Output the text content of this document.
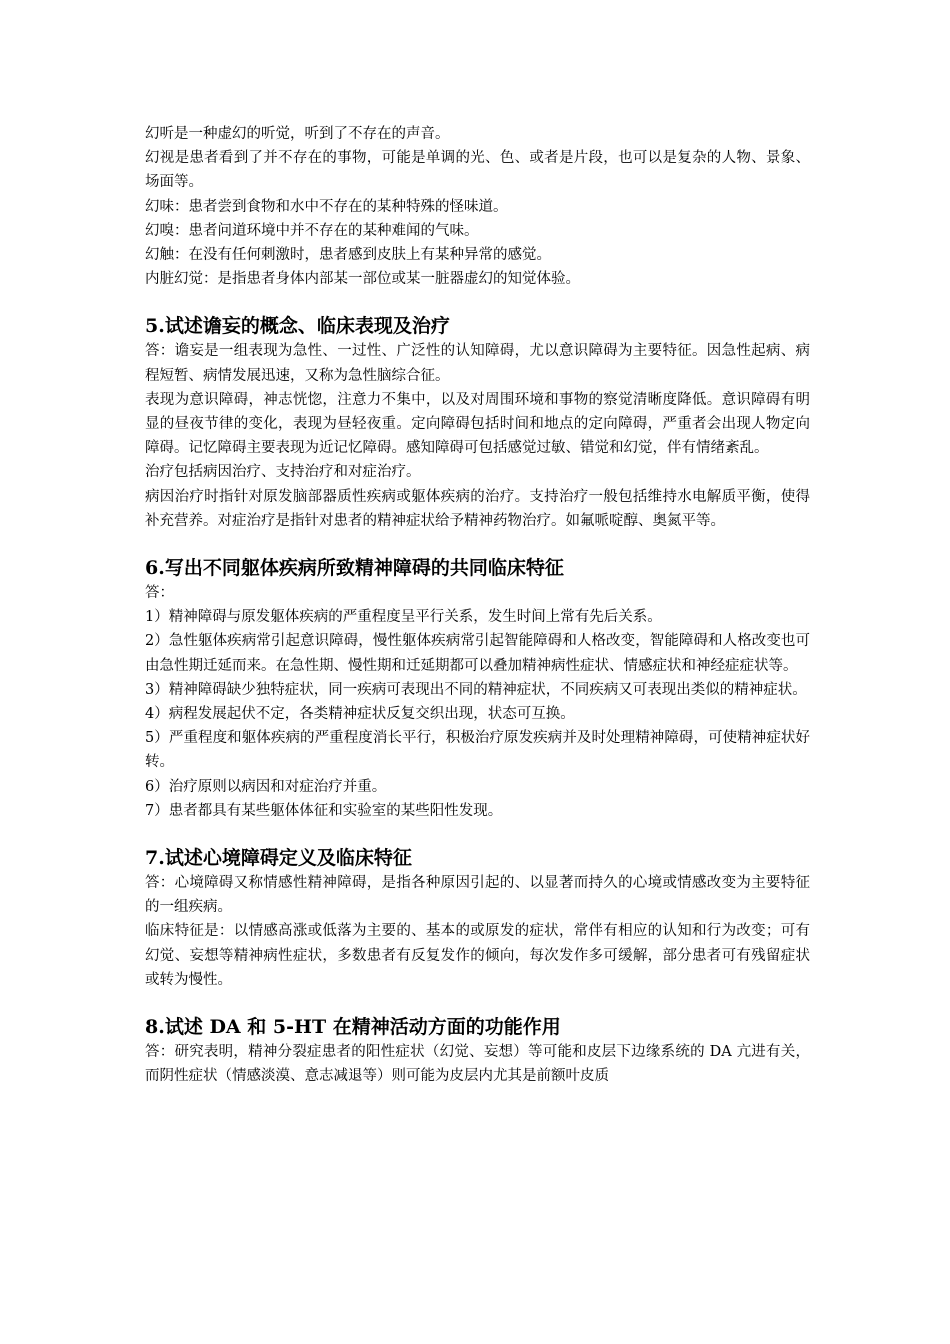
幻听是一种虚幻的听觉，听到了不存在的声音。

幻视是患者看到了并不存在的事物，可能是单调的光、色、或者是片段，也可以是复杂的人物、景象、场面等。

幻味：患者尝到食物和水中不存在的某种特殊的怪味道。

幻嗅：患者问道环境中并不存在的某种难闻的气味。

幻触：在没有任何刺激时，患者感到皮肤上有某种异常的感觉。

内脏幻觉：是指患者身体内部某一部位或某一脏器虚幻的知觉体验。

5.试述谵妄的概念、临床表现及治疗

答：谵妄是一组表现为急性、一过性、广泛性的认知障碍，尤以意识障碍为主要特征。因急性起病、病程短暂、病情发展迅速，又称为急性脑综合征。

表现为意识障碍，神志恍惚，注意力不集中，以及对周围环境和事物的察觉清晰度降低。意识障碍有明显的昼夜节律的变化，表现为昼轻夜重。定向障碍包括时间和地点的定向障碍，严重者会出现人物定向障碍。记忆障碍主要表现为近记忆障碍。感知障碍可包括感觉过敏、错觉和幻觉，伴有情绪紊乱。

治疗包括病因治疗、支持治疗和对症治疗。

病因治疗时指针对原发脑部器质性疾病或躯体疾病的治疗。支持治疗一般包括维持水电解质平衡，使得补充营养。对症治疗是指针对患者的精神症状给予精神药物治疗。如氟哌啶醇、奥氮平等。

6.写出不同躯体疾病所致精神障碍的共同临床特征

答：

1）精神障碍与原发躯体疾病的严重程度呈平行关系，发生时间上常有先后关系。

2）急性躯体疾病常引起意识障碍，慢性躯体疾病常引起智能障碍和人格改变，智能障碍和人格改变也可由急性期迁延而来。在急性期、慢性期和迁延期都可以叠加精神病性症状、情感症状和神经症症状等。

3）精神障碍缺少独特症状，同一疾病可表现出不同的精神症状，不同疾病又可表现出类似的精神症状。

4）病程发展起伏不定，各类精神症状反复交织出现，状态可互换。

5）严重程度和躯体疾病的严重程度消长平行，积极治疗原发疾病并及时处理精神障碍，可使精神症状好转。

6）治疗原则以病因和对症治疗并重。

7）患者都具有某些躯体体征和实验室的某些阳性发现。

7.试述心境障碍定义及临床特征

答：心境障碍又称情感性精神障碍，是指各种原因引起的、以显著而持久的心境或情感改变为主要特征的一组疾病。

临床特征是：以情感高涨或低落为主要的、基本的或原发的症状，常伴有相应的认知和行为改变；可有幻觉、妄想等精神病性症状，多数患者有反复发作的倾向，每次发作多可缓解，部分患者可有残留症状或转为慢性。

8.试述 DA 和 5-HT 在精神活动方面的功能作用

答：研究表明，精神分裂症患者的阳性症状（幻觉、妄想）等可能和皮层下边缘系统的 DA 亢进有关，而阴性症状（情感淡漠、意志减退等）则可能为皮层内尤其是前额叶皮质
